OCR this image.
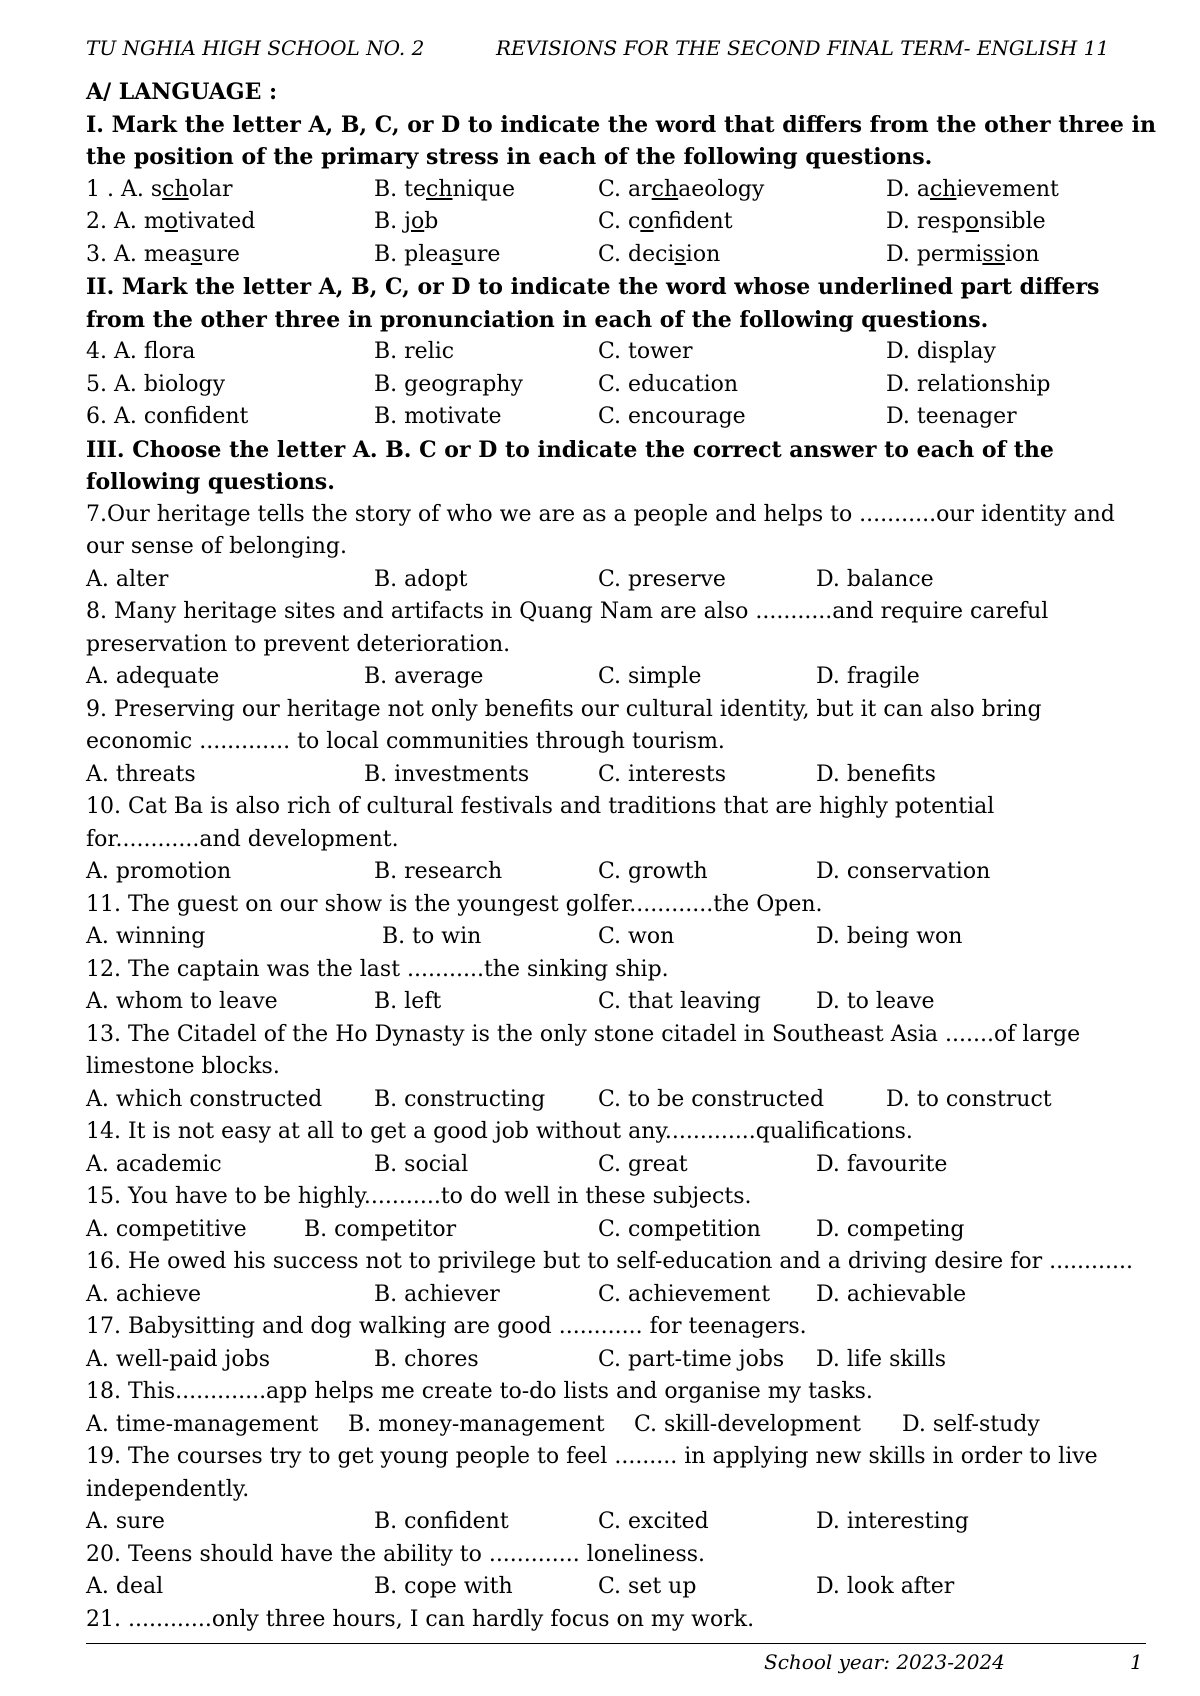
TU NGHIA HIGH SCHOOL NO. 2	REVISIONS FOR THE SECOND FINAL TERM- ENGLISH 11
A/ LANGUAGE :
I. Mark the letter A, B, C, or D to indicate the word that differs from the other three in
the position of the primary stress in each of the following questions.
1 . A. scholar	B. technique	C. archaeology	D. achievement
2. A. motivated	B. job	C. confident	D. responsible
3. A. measure	B. pleasure	C. decision	D. permission
II. Mark the letter A, B, C, or D to indicate the word whose underlined part differs
from the other three in pronunciation in each of the following questions.
4. A. flora	B. relic	C. tower	D. display
5. A. biology	B. geography	C. education	D. relationship
6. A. confident	B. motivate	C. encourage	D. teenager
III. Choose the letter A. B. C or D to indicate the correct answer to each of the
following questions.
7.Our heritage tells the story of who we are as a people and helps to ...........our identity and
our sense of belonging.
A. alter	B. adopt	C. preserve	D. balance
8. Many heritage sites and artifacts in Quang Nam are also ...........and require careful
preservation to prevent deterioration.
A. adequate	B. average	C. simple	D. fragile
9. Preserving our heritage not only benefits our cultural identity, but it can also bring
economic ............. to local communities through tourism.
A. threats	B. investments	C. interests	D. benefits
10. Cat Ba is also rich of cultural festivals and traditions that are highly potential
for............and development.
A. promotion	B. research	C. growth	D. conservation
11. The guest on our show is the youngest golfer............the Open.
A. winning	B. to win	C. won	D. being won
12. The captain was the last ...........the sinking ship.
A. whom to leave	B. left	C. that leaving	D. to leave
13. The Citadel of the Ho Dynasty is the only stone citadel in Southeast Asia .......of large
limestone blocks.
A. which constructed B. constructing C. to be constructed	D. to construct
14. It is not easy at all to get a good job without any.............qualifications.
A. academic	B. social	C. great	D. favourite
15. You have to be highly...........to do well in these subjects.
A. competitive	B. competitor	C. competition	D. competing
16. He owed his success not to privilege but to self-education and a driving desire for ............
A. achieve	B. achiever	C. achievement D. achievable
17. Babysitting and dog walking are good ............ for teenagers.
A. well-paid jobs	B. chores	C. part-time jobs D. life skills
18. This.............app helps me create to-do lists and organise my tasks.
A. time-management B. money-management C. skill-development D. self-study
19. The courses try to get young people to feel ......... in applying new skills in order to live
independently.
A. sure	B. confident	C. excited	D. interesting
20. Teens should have the ability to ............. loneliness.
A. deal	B. cope with	C. set up	D. look after
21. ............only three hours, I can hardly focus on my work.
School year: 2023-2024	1
